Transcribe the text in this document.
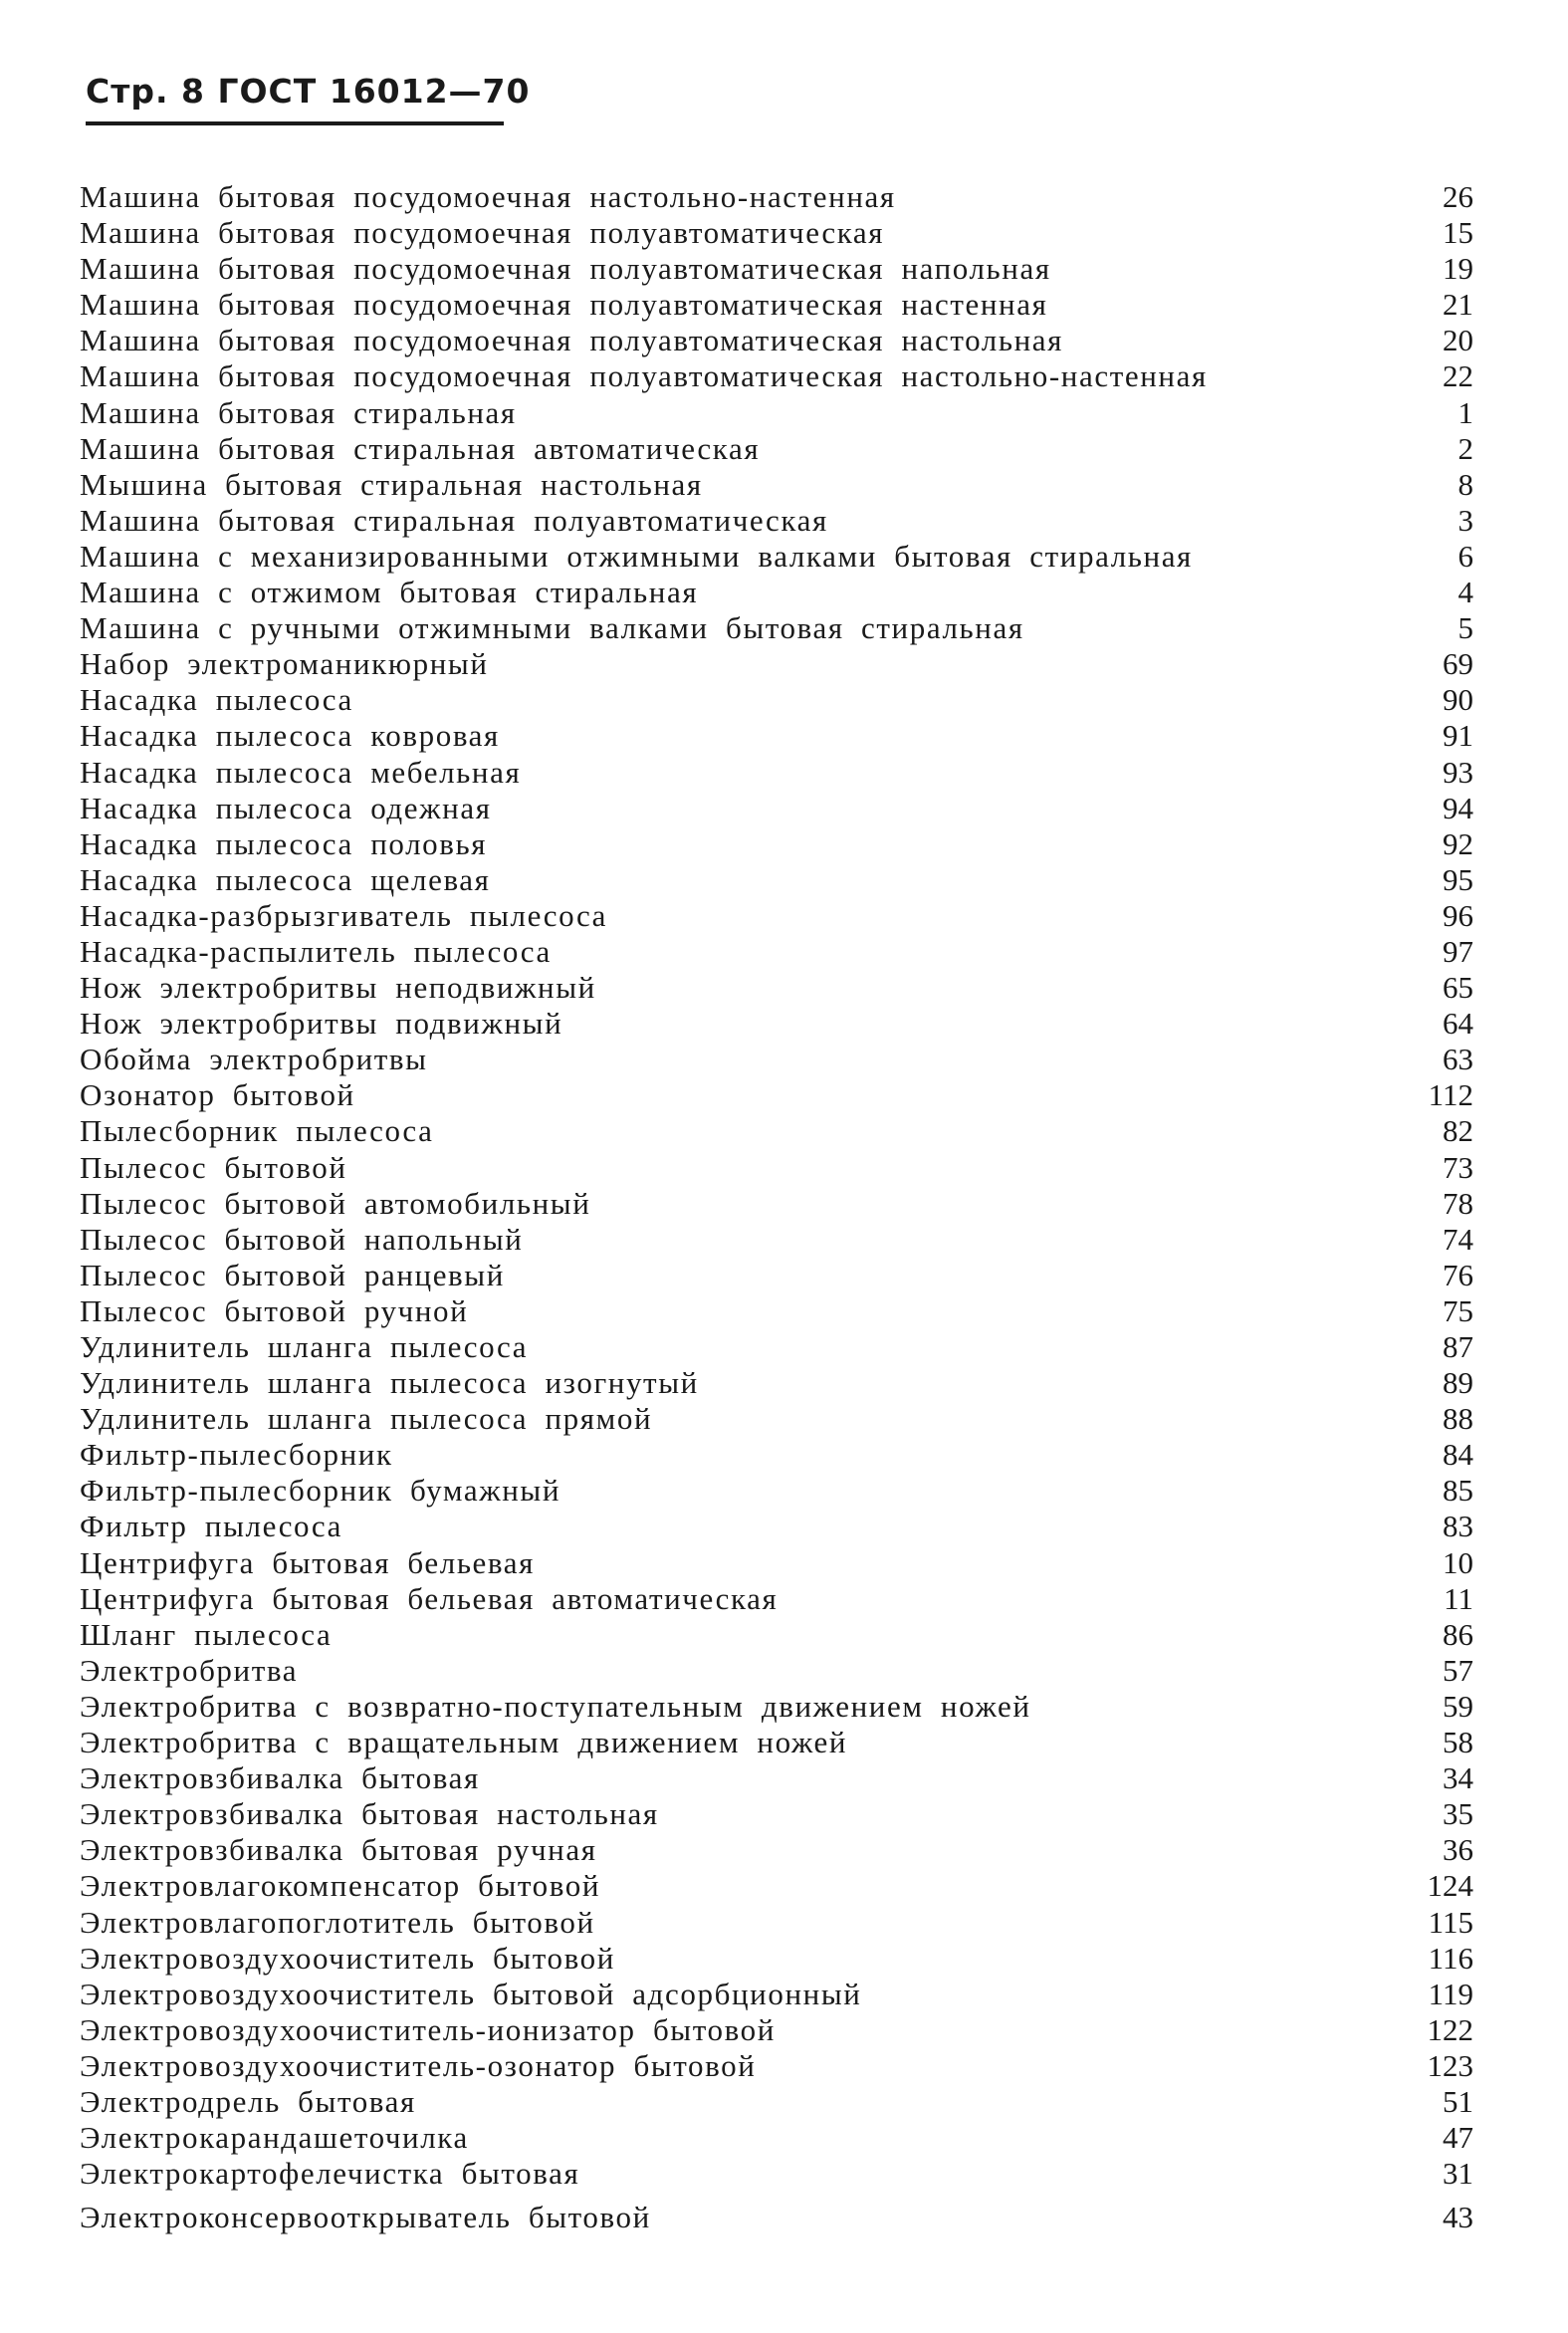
Стр. 8 ГОСТ 16012—70
Машина бытовая посудомоечная настольно-настенная	26
Машина бытовая посудомоечная полуавтоматическая	15
Машина бытовая посудомоечная полуавтоматическая напольная	19
Машина бытовая посудомоечная полуавтоматическая настенная	21
Машина бытовая посудомоечная полуавтоматическая настольная	20
Машина бытовая посудомоечная полуавтоматическая настольно-настенная	22
Машина бытовая стиральная	1
Машина бытовая стиральная автоматическая	2
Мышина бытовая стиральная настольная	8
Машина бытовая стиральная полуавтоматическая	3
Машина с механизированными отжимными валками бытовая стиральная	6
Машина с отжимом бытовая стиральная	4
Машина с ручными отжимными валками бытовая стиральная	5
Набор электроманикюрный	69
Насадка пылесоса	90
Насадка пылесоса ковровая	91
Насадка пылесоса мебельная	93
Насадка пылесоса одежная	94
Насадка пылесоса половья	92
Насадка пылесоса щелевая	95
Насадка-разбрызгиватель пылесоса	96
Насадка-распылитель пылесоса	97
Нож электробритвы неподвижный	65
Нож электробритвы подвижный	64
Обойма электробритвы	63
Озонатор бытовой	112
Пылесборник пылесоса	82
Пылесос бытовой	73
Пылесос бытовой автомобильный	78
Пылесос бытовой напольный	74
Пылесос бытовой ранцевый	76
Пылесос бытовой ручной	75
Удлинитель шланга пылесоса	87
Удлинитель шланга пылесоса изогнутый	89
Удлинитель шланга пылесоса прямой	88
Фильтр-пылесборник	84
Фильтр-пылесборник бумажный	85
Фильтр пылесоса	83
Центрифуга бытовая бельевая	10
Центрифуга бытовая бельевая автоматическая	11
Шланг пылесоса	86
Электробритва	57
Электробритва с возвратно-поступательным движением ножей	59
Электробритва с вращательным движением ножей	58
Электровзбивалка бытовая	34
Электровзбивалка бытовая настольная	35
Электровзбивалка бытовая ручная	36
Электровлагокомпенсатор бытовой	124
Электровлагопоглотитель бытовой	115
Электровоздухоочиститель бытовой	116
Электровоздухоочиститель бытовой адсорбционный	119
Электровоздухоочиститель-ионизатор бытовой	122
Электровоздухоочиститель-озонатор бытовой	123
Электродрель бытовая	51
Электрокарандашеточилка	47
Электрокартофелечистка бытовая	31
Электроконсервооткрыватель бытовой	43
